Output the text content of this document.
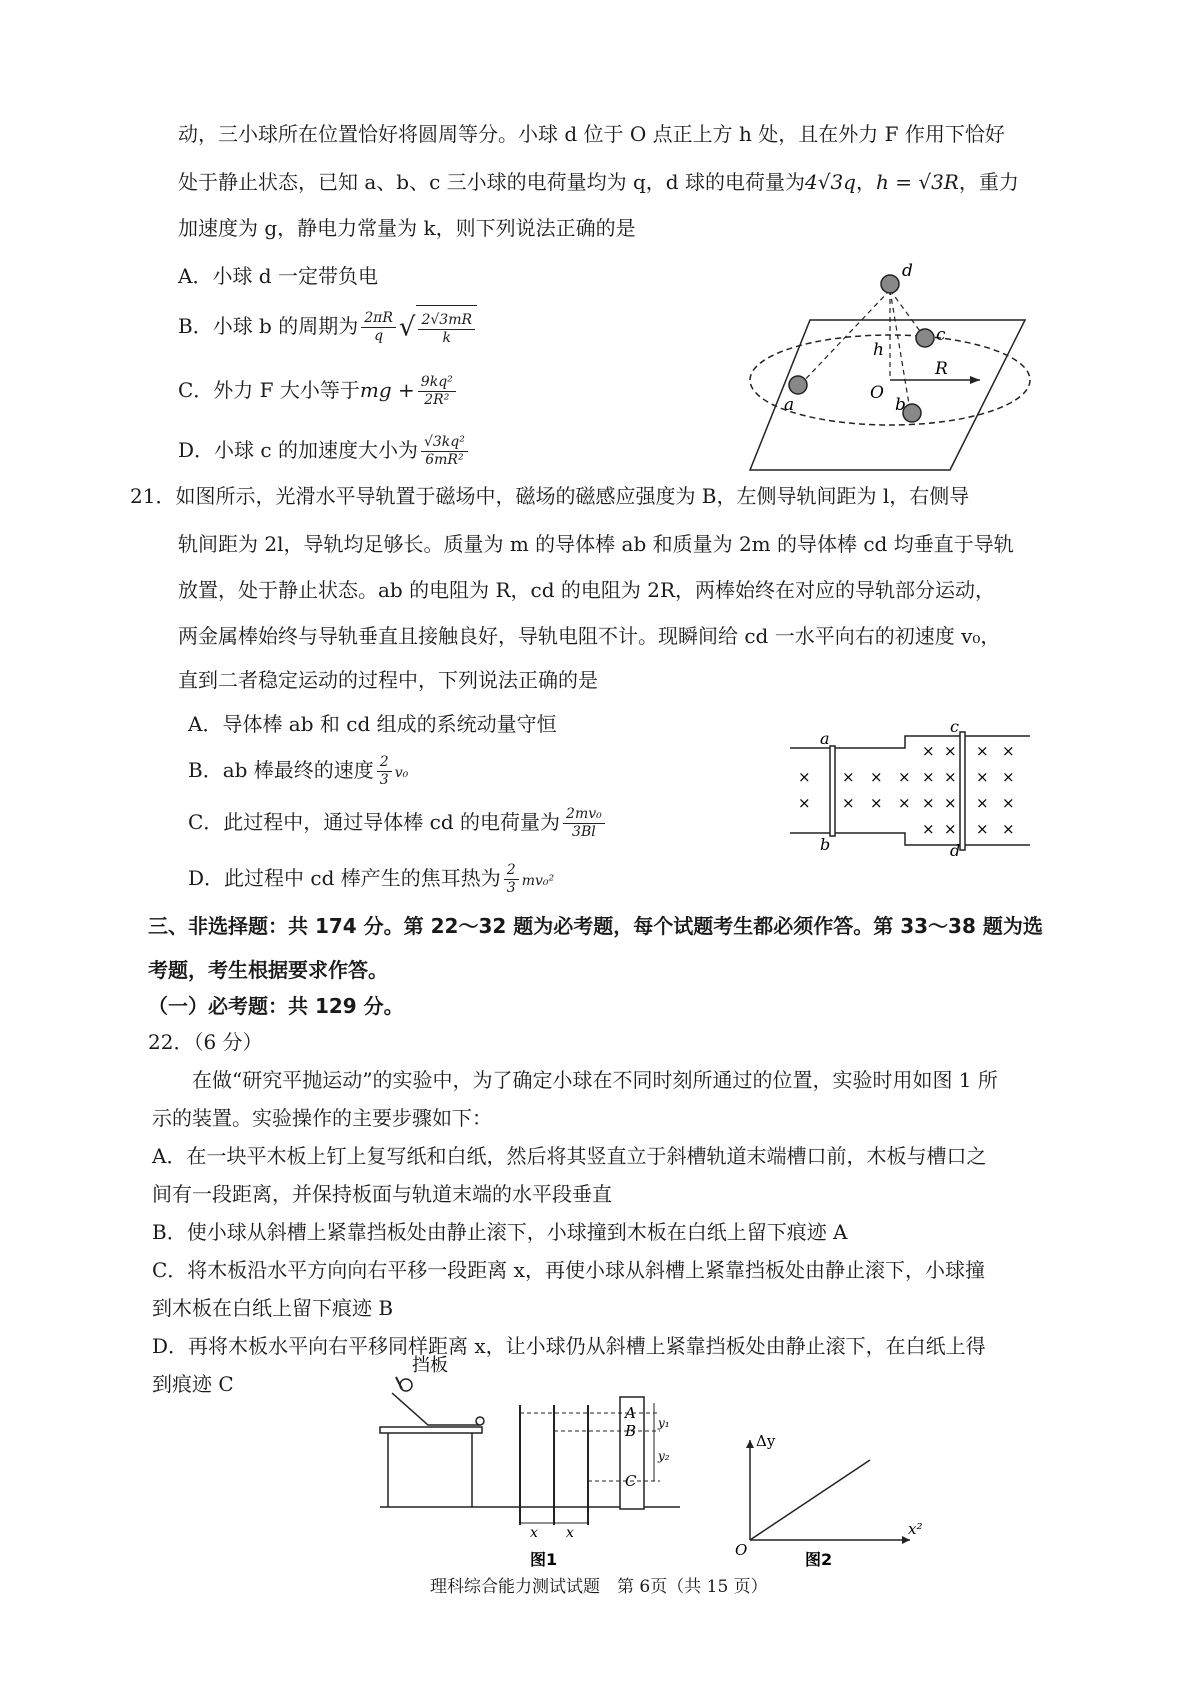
动，三小球所在位置恰好将圆周等分。小球 d 位于 O 点正上方 h 处，且在外力 F 作用下恰好
处于静止状态，已知 a、b、c 三小球的电荷量均为 q，d 球的电荷量为4√3q，h = √3R，重力
加速度为 g，静电力常量为 k，则下列说法正确的是
A．小球 d 一定带负电
B．小球 b 的周期为 $\frac{2\pi R}{q}$ √ $\frac{2√3mR}{k}$
C．外力 F 大小等于mg + $\frac{\text{9kq²}}{\text{2R²}}$
D．小球 c 的加速度大小为 $\frac{\text{√3kq²}}{\text{6mR²}}$
d
c
h
O
R
a	b
21．如图所示，光滑水平导轨置于磁场中，磁场的磁感应强度为 B，左侧导轨间距为 l，右侧导
轨间距为 2l，导轨均足够长。质量为 m 的导体棒 ab 和质量为 2m 的导体棒 cd 均垂直于导轨
放置，处于静止状态。ab 的电阻为 R，cd 的电阻为 2R，两棒始终在对应的导轨部分运动，
两金属棒始终与导轨垂直且接触良好，导轨电阻不计。现瞬间给 cd 一水平向右的初速度 v₀，
直到二者稳定运动的过程中，下列说法正确的是
A．导体棒 ab 和 cd 组成的系统动量守恒
B．ab 棒最终的速度 $\frac{2}{3} v_0$
C．此过程中，通过导体棒 cd 的电荷量为 $\frac{\text{2mv₀}}{3Bl}$
D．此过程中 cd 棒产生的焦耳热为 $\frac{2}{3} mv_0^2$
×
×
×
×
×
×
×
×
×
×
×
×
×
×
×
×
×
×
×
×
×
×
×
×
a
b
c
d
三、非选择题：共 174 分。第 22～32 题为必考题，每个试题考生都必须作答。第 33～38 题为选
考题，考生根据要求作答。
（一）必考题：共 129 分。
22．（6 分）
在做“研究平抛运动”的实验中，为了确定小球在不同时刻所通过的位置，实验时用如图 1 所
示的装置。实验操作的主要步骤如下：
A．在一块平木板上钉上复写纸和白纸，然后将其竖直立于斜槽轨道末端槽口前，木板与槽口之
间有一段距离，并保持板面与轨道末端的水平段垂直
B．使小球从斜槽上紧靠挡板处由静止滚下，小球撞到木板在白纸上留下痕迹 A
C．将木板沿水平方向向右平移一段距离 x，再使小球从斜槽上紧靠挡板处由静止滚下，小球撞
到木板在白纸上留下痕迹 B
D．再将木板水平向右平移同样距离 x，让小球仍从斜槽上紧靠挡板处由静止滚下，在白纸上得
到痕迹 C
挡板
A
B
C
y₁
y₂
x x
图1
Δy
x²
O	图2
理科综合能力测试试题　第 6页（共 15 页）
